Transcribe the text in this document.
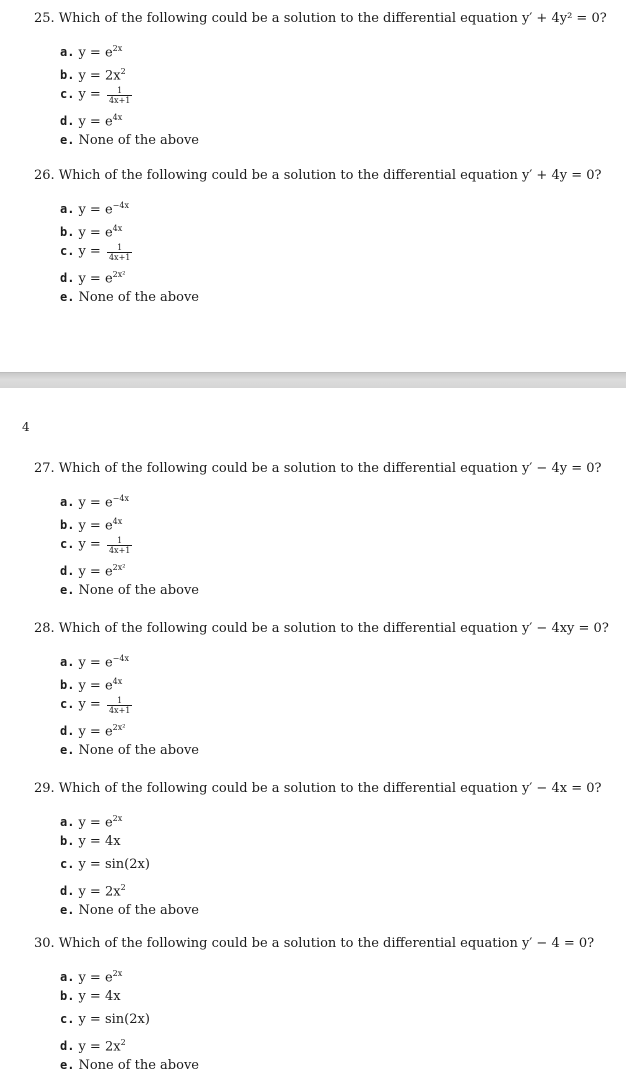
25. Which of the following could be a solution to the differential equation y′ + 4y² = 0?
a. $y = e^{2x}$
b. $y = 2x^2$
c. $y = \frac{1}{4x+1}$
d. $y = e^{4x}$
e. None of the above
26. Which of the following could be a solution to the differential equation y′ + 4y = 0?
a. $y = e^{-4x}$
b. $y = e^{4x}$
c. $y = \frac{1}{4x+1}$
d. $y = e^{2x^2}$
e. None of the above
4
27. Which of the following could be a solution to the differential equation y′ − 4y = 0?
a. $y = e^{-4x}$
b. $y = e^{4x}$
c. $y = \frac{1}{4x+1}$
d. $y = e^{2x^2}$
e. None of the above
28. Which of the following could be a solution to the differential equation y′ − 4xy = 0?
a. $y = e^{-4x}$
b. $y = e^{4x}$
c. $y = \frac{1}{4x+1}$
d. $y = e^{2x^2}$
e. None of the above
29. Which of the following could be a solution to the differential equation y′ − 4x = 0?
a. $y = e^{2x}$
b. y = 4x
c. y = sin(2x)
d. $y = 2x^2$
e. None of the above
30. Which of the following could be a solution to the differential equation y′ − 4 = 0?
a. $y = e^{2x}$
b. y = 4x
c. y = sin(2x)
d. $y = 2x^2$
e. None of the above
